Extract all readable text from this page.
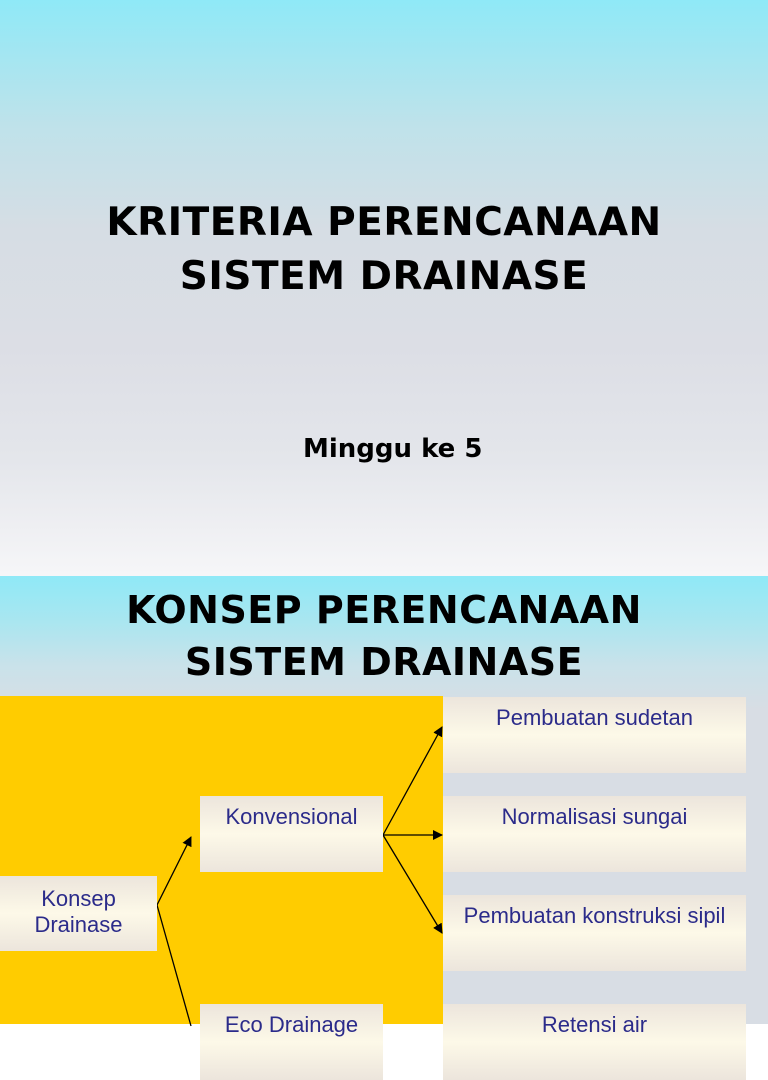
KRITERIA PERENCANAAN
SISTEM DRAINASE
Minggu ke 5
KONSEP PERENCANAAN
SISTEM DRAINASE
Konsep
Drainase
Konvensional
Eco Drainage
Pembuatan sudetan
Normalisasi sungai
Pembuatan konstruksi sipil
Retensi air
